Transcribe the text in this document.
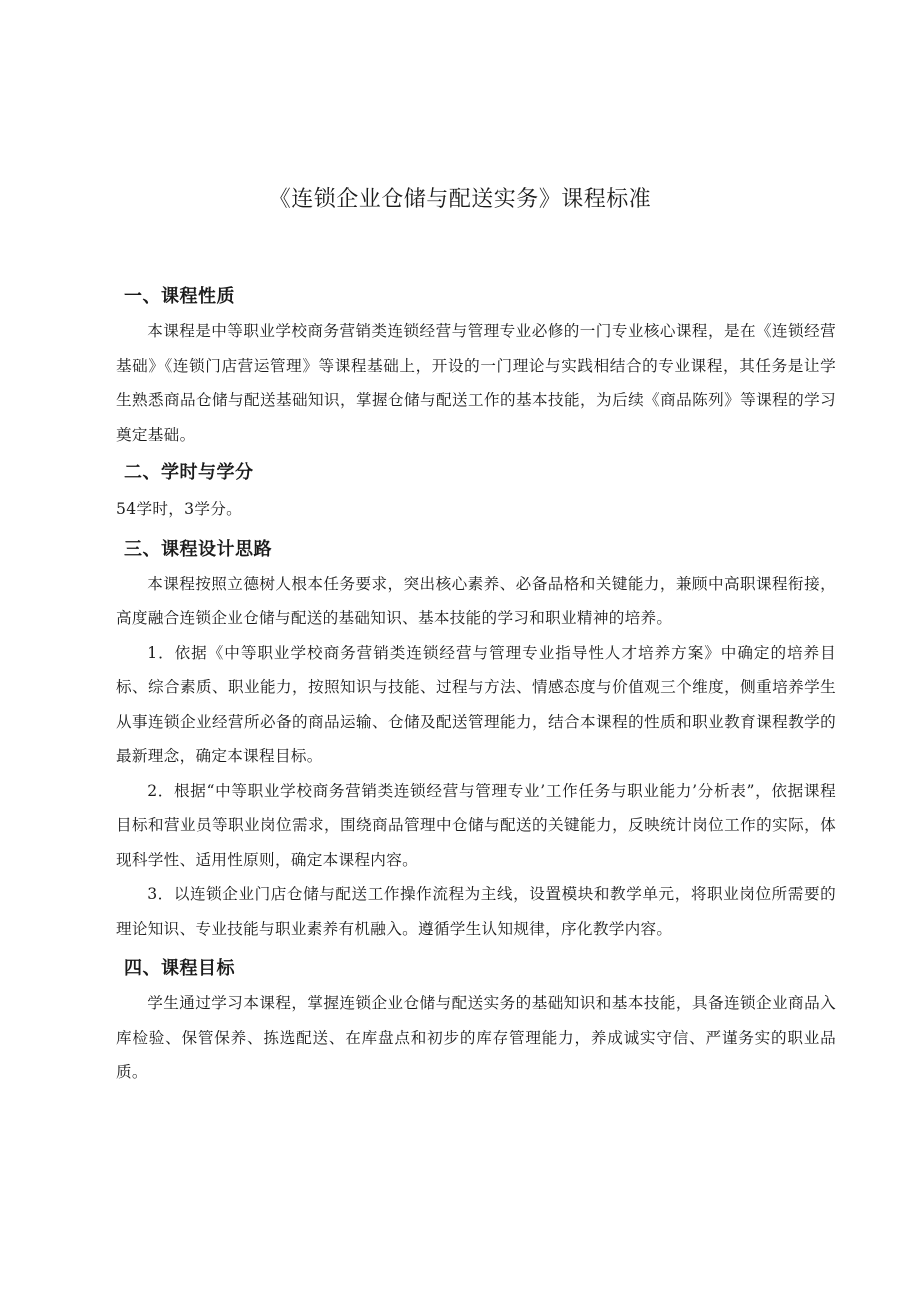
《连锁企业仓储与配送实务》课程标准
一、课程性质

本课程是中等职业学校商务营销类连锁经营与管理专业必修的一门专业核心课程，是在《连锁经营基础》《连锁门店营运管理》等课程基础上，开设的一门理论与实践相结合的专业课程，其任务是让学生熟悉商品仓储与配送基础知识，掌握仓储与配送工作的基本技能，为后续《商品陈列》等课程的学习奠定基础。

二、学时与学分

54学时，3学分。

三、课程设计思路

本课程按照立德树人根本任务要求，突出核心素养、必备品格和关键能力，兼顾中高职课程衔接，高度融合连锁企业仓储与配送的基础知识、基本技能的学习和职业精神的培养。

1．依据《中等职业学校商务营销类连锁经营与管理专业指导性人才培养方案》中确定的培养目标、综合素质、职业能力，按照知识与技能、过程与方法、情感态度与价值观三个维度，侧重培养学生从事连锁企业经营所必备的商品运输、仓储及配送管理能力，结合本课程的性质和职业教育课程教学的最新理念，确定本课程目标。

2．根据“中等职业学校商务营销类连锁经营与管理专业’工作任务与职业能力’分析表”，依据课程目标和营业员等职业岗位需求，围绕商品管理中仓储与配送的关键能力，反映统计岗位工作的实际，体现科学性、适用性原则，确定本课程内容。

3．以连锁企业门店仓储与配送工作操作流程为主线，设置模块和教学单元，将职业岗位所需要的理论知识、专业技能与职业素养有机融入。遵循学生认知规律，序化教学内容。

四、课程目标

学生通过学习本课程，掌握连锁企业仓储与配送实务的基础知识和基本技能，具备连锁企业商品入库检验、保管保养、拣选配送、在库盘点和初步的库存管理能力，养成诚实守信、严谨务实的职业品质。
